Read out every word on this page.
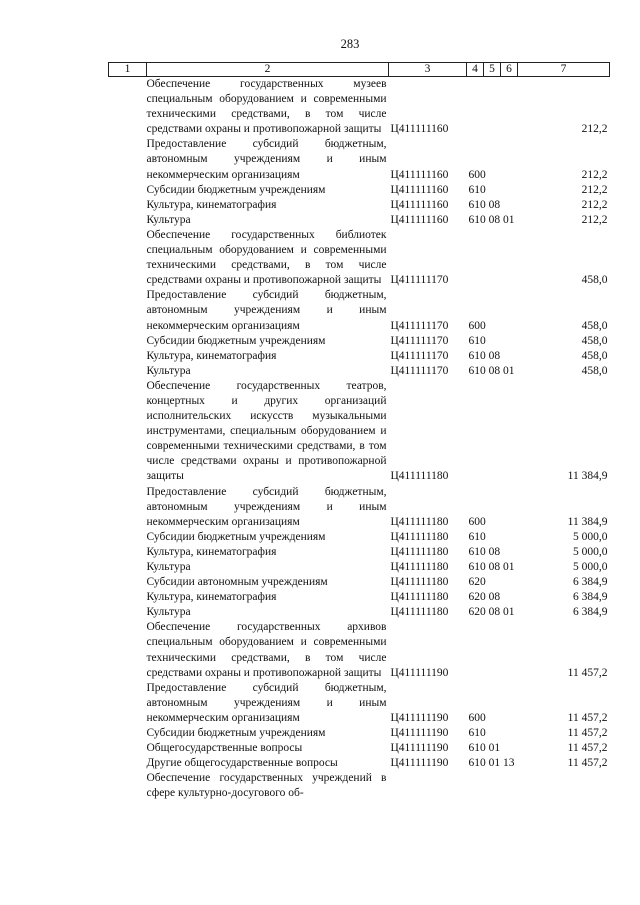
283
1	2	3	4	5	6	7
	Обеспечение государственных музеев специальным оборудованием и современными техническими средствами, в том числе средствами охраны и противопожарной защиты	Ц411111160				212,2
	Предоставление субсидий бюджетным, автономным учреждениям и иным некоммерческим организациям	Ц411111160	600			212,2
	Субсидии бюджетным учреждениям	Ц411111160	610			212,2
	Культура, кинематография	Ц411111160	610 08			212,2
	Культура	Ц411111160	610 08 01			212,2
	Обеспечение государственных библиотек специальным оборудованием и современными техническими средствами, в том числе средствами охраны и противопожарной защиты	Ц411111170				458,0
	Предоставление субсидий бюджетным, автономным учреждениям и иным некоммерческим организациям	Ц411111170	600			458,0
	Субсидии бюджетным учреждениям	Ц411111170	610			458,0
	Культура, кинематография	Ц411111170	610 08			458,0
	Культура	Ц411111170	610 08 01			458,0
	Обеспечение государственных театров, концертных и других организаций исполнительских искусств музыкальными инструментами, специальным оборудованием и современными техническими средствами, в том числе средствами охраны и противопожарной защиты	Ц411111180				11 384,9
	Предоставление субсидий бюджетным, автономным учреждениям и иным некоммерческим организациям	Ц411111180	600			11 384,9
	Субсидии бюджетным учреждениям	Ц411111180	610			5 000,0
	Культура, кинематография	Ц411111180	610 08			5 000,0
	Культура	Ц411111180	610 08 01			5 000,0
	Субсидии автономным учреждениям	Ц411111180	620			6 384,9
	Культура, кинематография	Ц411111180	620 08			6 384,9
	Культура	Ц411111180	620 08 01			6 384,9
	Обеспечение государственных архивов специальным оборудованием и современными техническими средствами, в том числе средствами охраны и противопожарной защиты	Ц411111190				11 457,2
	Предоставление субсидий бюджетным, автономным учреждениям и иным некоммерческим организациям	Ц411111190	600			11 457,2
	Субсидии бюджетным учреждениям	Ц411111190	610			11 457,2
	Общегосударственные вопросы	Ц411111190	610 01			11 457,2
	Другие общегосударственные вопросы	Ц411111190	610 01 13			11 457,2
	Обеспечение государственных учреждений в сфере культурно-досугового об-				
